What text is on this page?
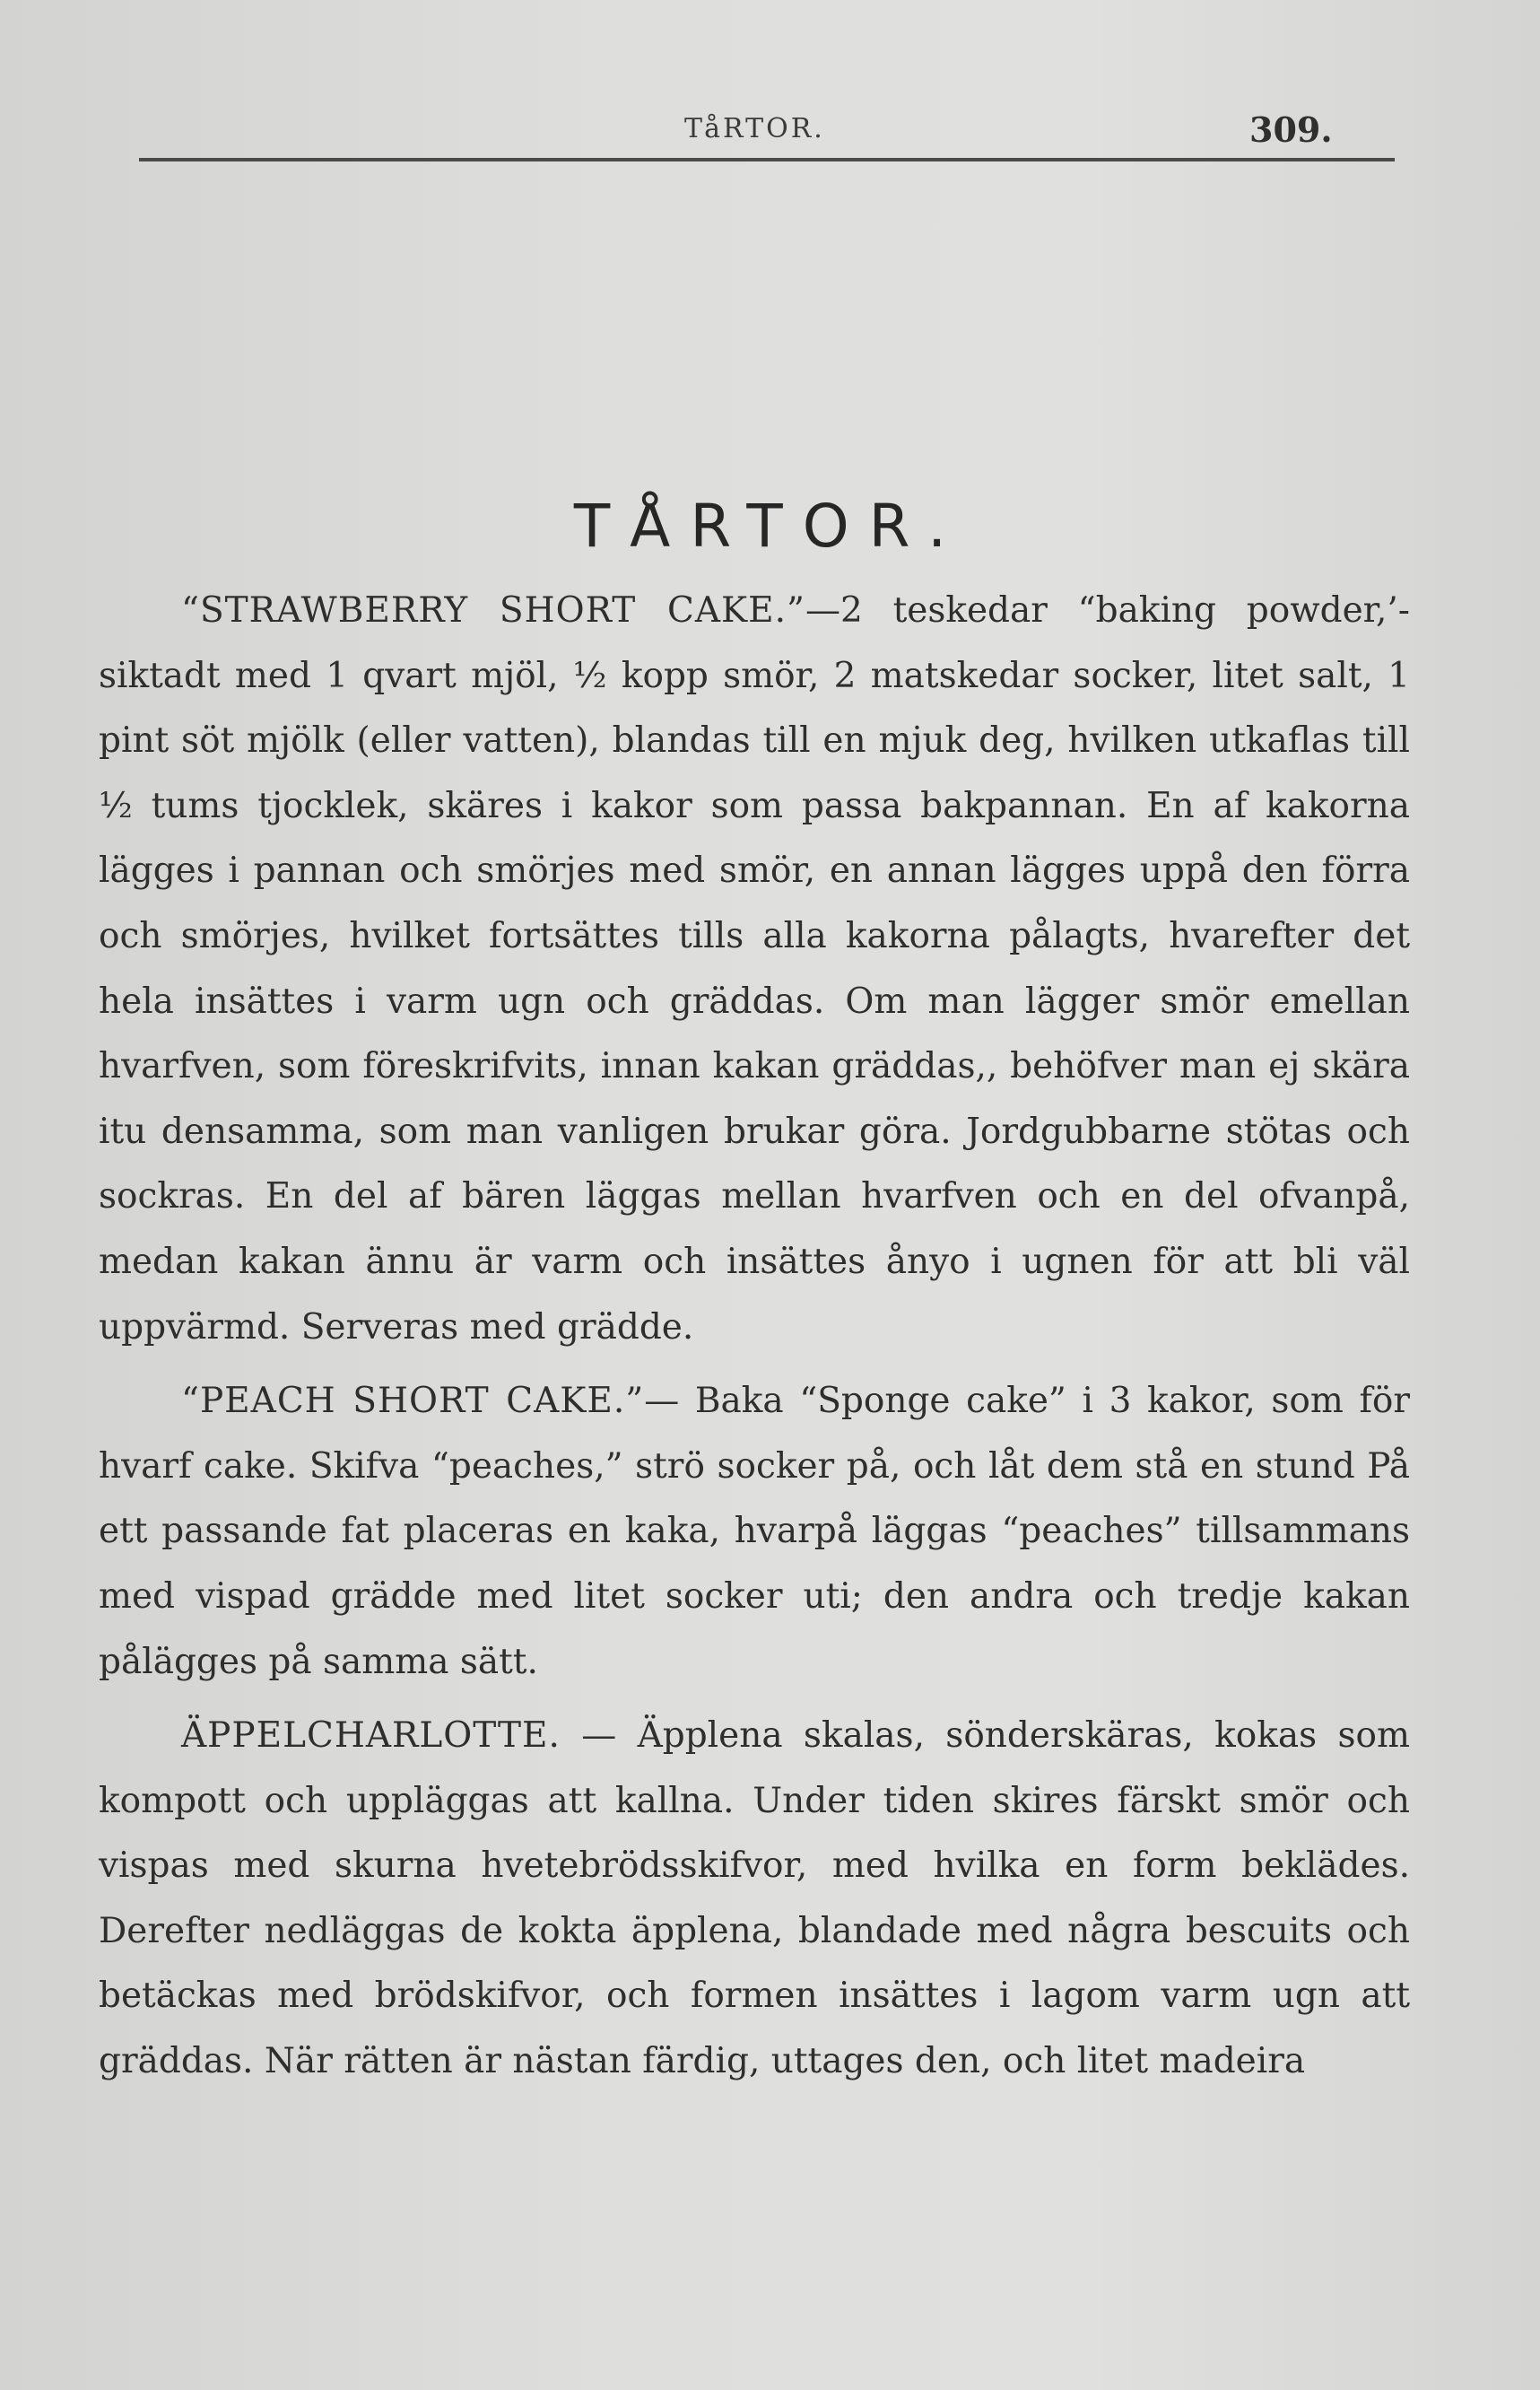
TåRTOR.	309.
TÅRTOR.

“STRAWBERRY SHORT CAKE.”—2 teskedar “baking powder,’- siktadt med 1 qvart mjöl, ½ kopp smör, 2 matskedar socker, litet salt, 1 pint söt mjölk (eller vatten), blandas till en mjuk deg, hvilken utkaflas till ½ tums tjocklek, skäres i kakor som passa bakpannan. En af kakorna lägges i pannan och smörjes med smör, en annan lägges uppå den förra och smörjes, hvilket fortsättes tills alla kakorna pålagts, hvarefter det hela insättes i varm ugn och gräddas. Om man lägger smör emellan hvarfven, som föreskrifvits, innan kakan gräddas,, behöfver man ej skära itu densamma, som man vanligen brukar göra. Jordgubbarne stötas och sockras. En del af bären läggas mellan hvarfven och en del ofvanpå, medan kakan ännu är varm och insättes ånyo i ugnen för att bli väl uppvärmd. Serveras med grädde.

“PEACH SHORT CAKE.”— Baka “Sponge cake” i 3 kakor, som för hvarf cake. Skifva “peaches,” strö socker på, och låt dem stå en stund På ett passande fat placeras en kaka, hvarpå läggas “peaches” tillsammans med vispad grädde med litet socker uti; den andra och tredje kakan pålägges på samma sätt.

ÄPPELCHARLOTTE. — Äpplena skalas, sönderskäras, kokas som kompott och uppläggas att kallna. Under tiden skires färskt smör och vispas med skurna hvetebrödsskifvor, med hvilka en form beklädes. Derefter nedläggas de kokta äpplena, blandade med några bescuits och betäckas med brödskifvor, och formen insättes i lagom varm ugn att gräddas. När rätten är nästan färdig, uttages den, och litet madeira
